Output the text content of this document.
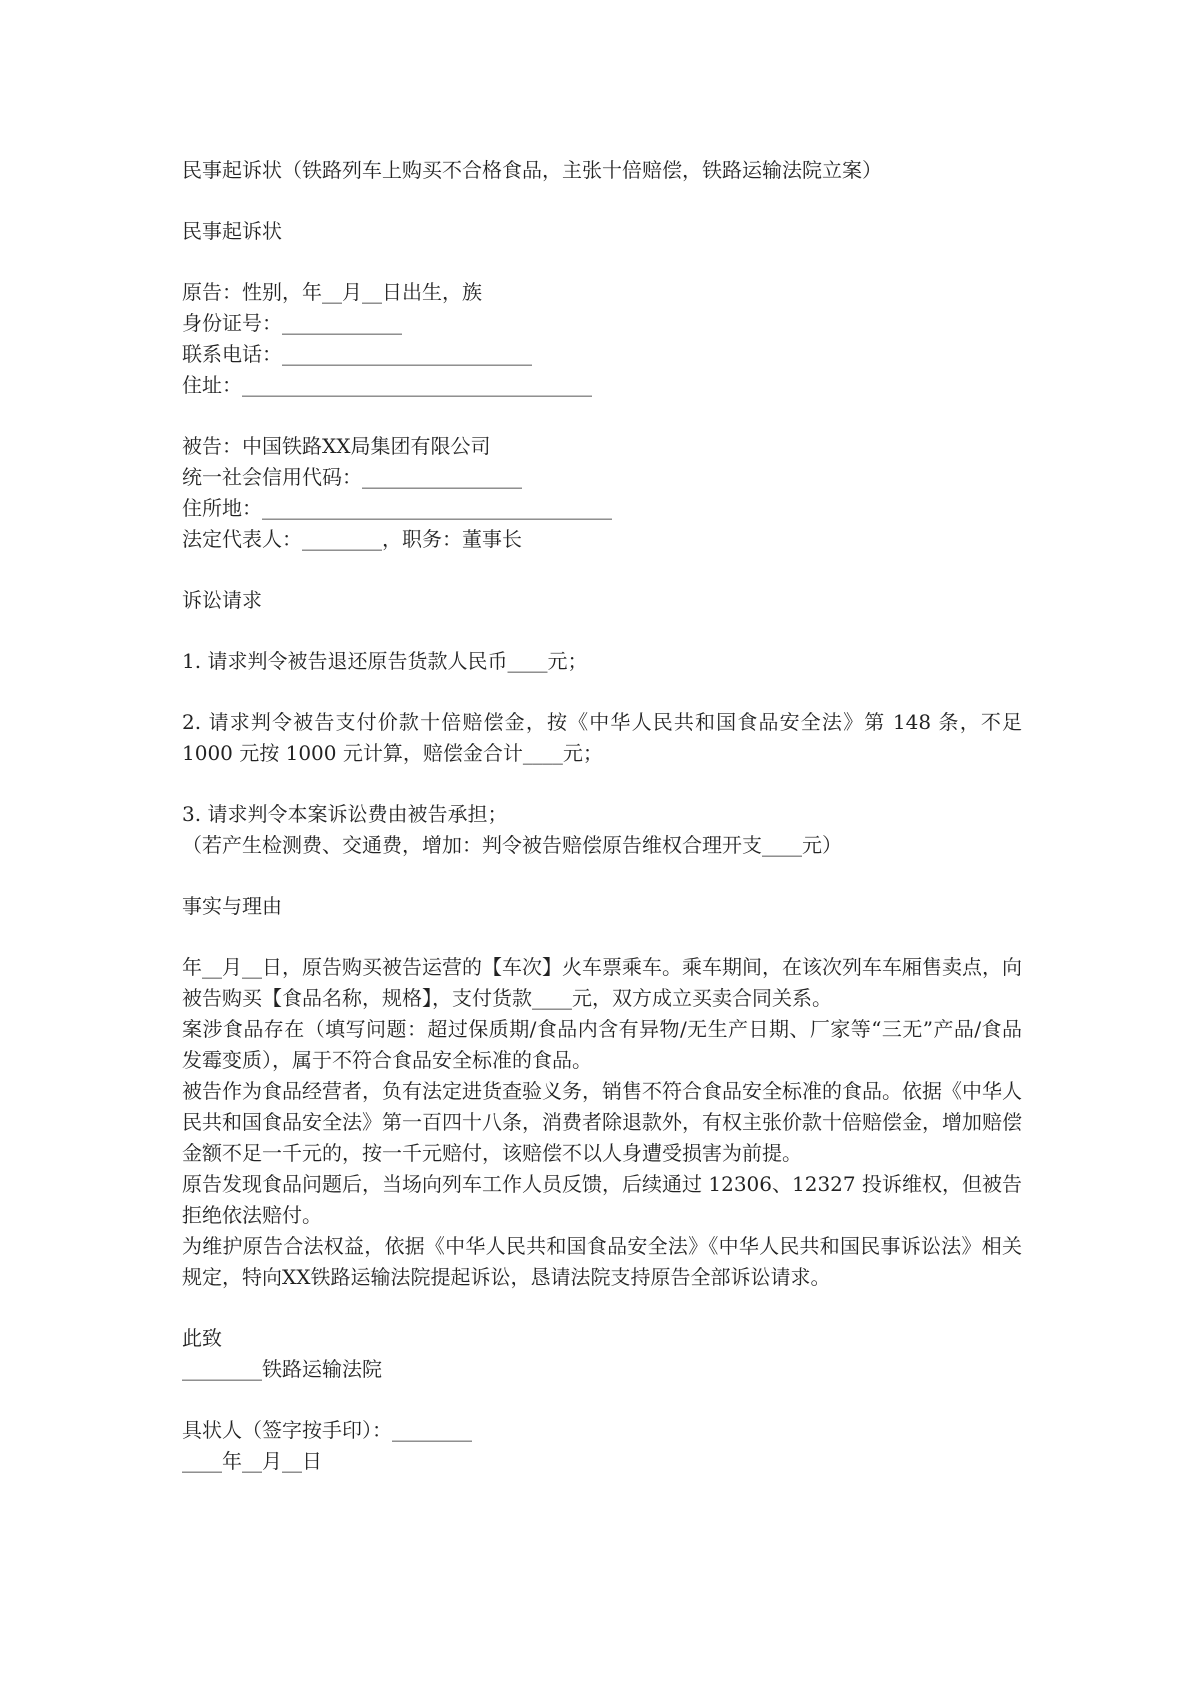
民事起诉状（铁路列车上购买不合格食品，主张十倍赔偿，铁路运输法院立案）
民事起诉状
原告：性别，年__月__日出生，族
身份证号：____________
联系电话：_________________________
住址：___________________________________
被告：中国铁路XX局集团有限公司
统一社会信用代码：________________
住所地：___________________________________
法定代表人：________，职务：董事长
诉讼请求
1. 请求判令被告退还原告货款人民币____元；
2. 请求判令被告支付价款十倍赔偿金，按《中华人民共和国食品安全法》第 148 条，不足 1000 元按 1000 元计算，赔偿金合计____元；
3. 请求判令本案诉讼费由被告承担；
（若产生检测费、交通费，增加：判令被告赔偿原告维权合理开支____元）
事实与理由
年__月__日，原告购买被告运营的【车次】火车票乘车。乘车期间，在该次列车车厢售卖点，向被告购买【食品名称，规格】，支付货款____元，双方成立买卖合同关系。
案涉食品存在（填写问题：超过保质期/食品内含有异物/无生产日期、厂家等“三无”产品/食品发霉变质），属于不符合食品安全标准的食品。
被告作为食品经营者，负有法定进货查验义务，销售不符合食品安全标准的食品。依据《中华人民共和国食品安全法》第一百四十八条，消费者除退款外，有权主张价款十倍赔偿金，增加赔偿金额不足一千元的，按一千元赔付，该赔偿不以人身遭受损害为前提。
原告发现食品问题后，当场向列车工作人员反馈，后续通过 12306、12327 投诉维权，但被告拒绝依法赔付。
为维护原告合法权益，依据《中华人民共和国食品安全法》《中华人民共和国民事诉讼法》相关规定，特向XX铁路运输法院提起诉讼，恳请法院支持原告全部诉讼请求。
此致
________铁路运输法院
具状人（签字按手印）：________
____年__月__日
